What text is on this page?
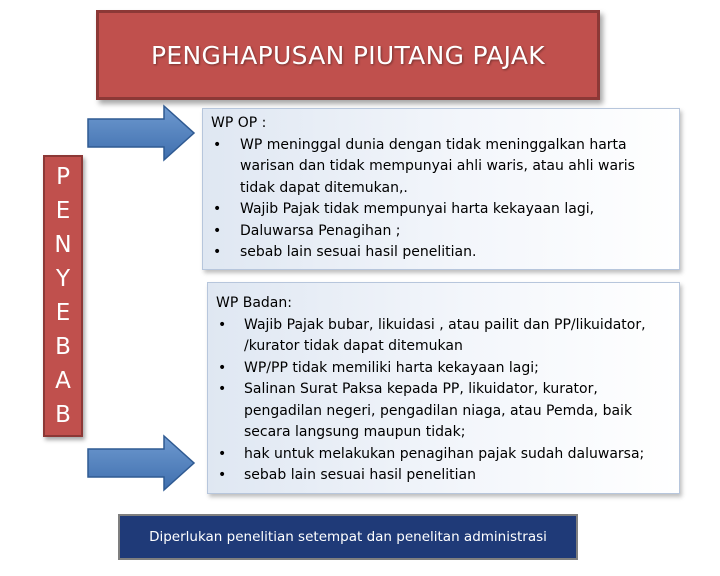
PENGHAPUSAN PIUTANG PAJAK
P
E
N
Y
E
B
A
B
WP OP :
• WP meninggal dunia dengan tidak meninggalkan harta warisan dan tidak mempunyai ahli waris, atau ahli waris tidak dapat ditemukan,.
• Wajib Pajak tidak mempunyai harta kekayaan lagi,
• Daluwarsa Penagihan ;
• sebab lain sesuai hasil penelitian.
WP Badan:
• Wajib Pajak bubar, likuidasi , atau pailit dan PP/likuidator, /kurator tidak dapat ditemukan
• WP/PP tidak memiliki harta kekayaan lagi;
• Salinan Surat Paksa kepada PP, likuidator, kurator, pengadilan negeri, pengadilan niaga, atau Pemda, baik secara langsung maupun tidak;
• hak untuk melakukan penagihan pajak sudah daluwarsa;
• sebab lain sesuai hasil penelitian
Diperlukan penelitian setempat dan penelitan administrasi
